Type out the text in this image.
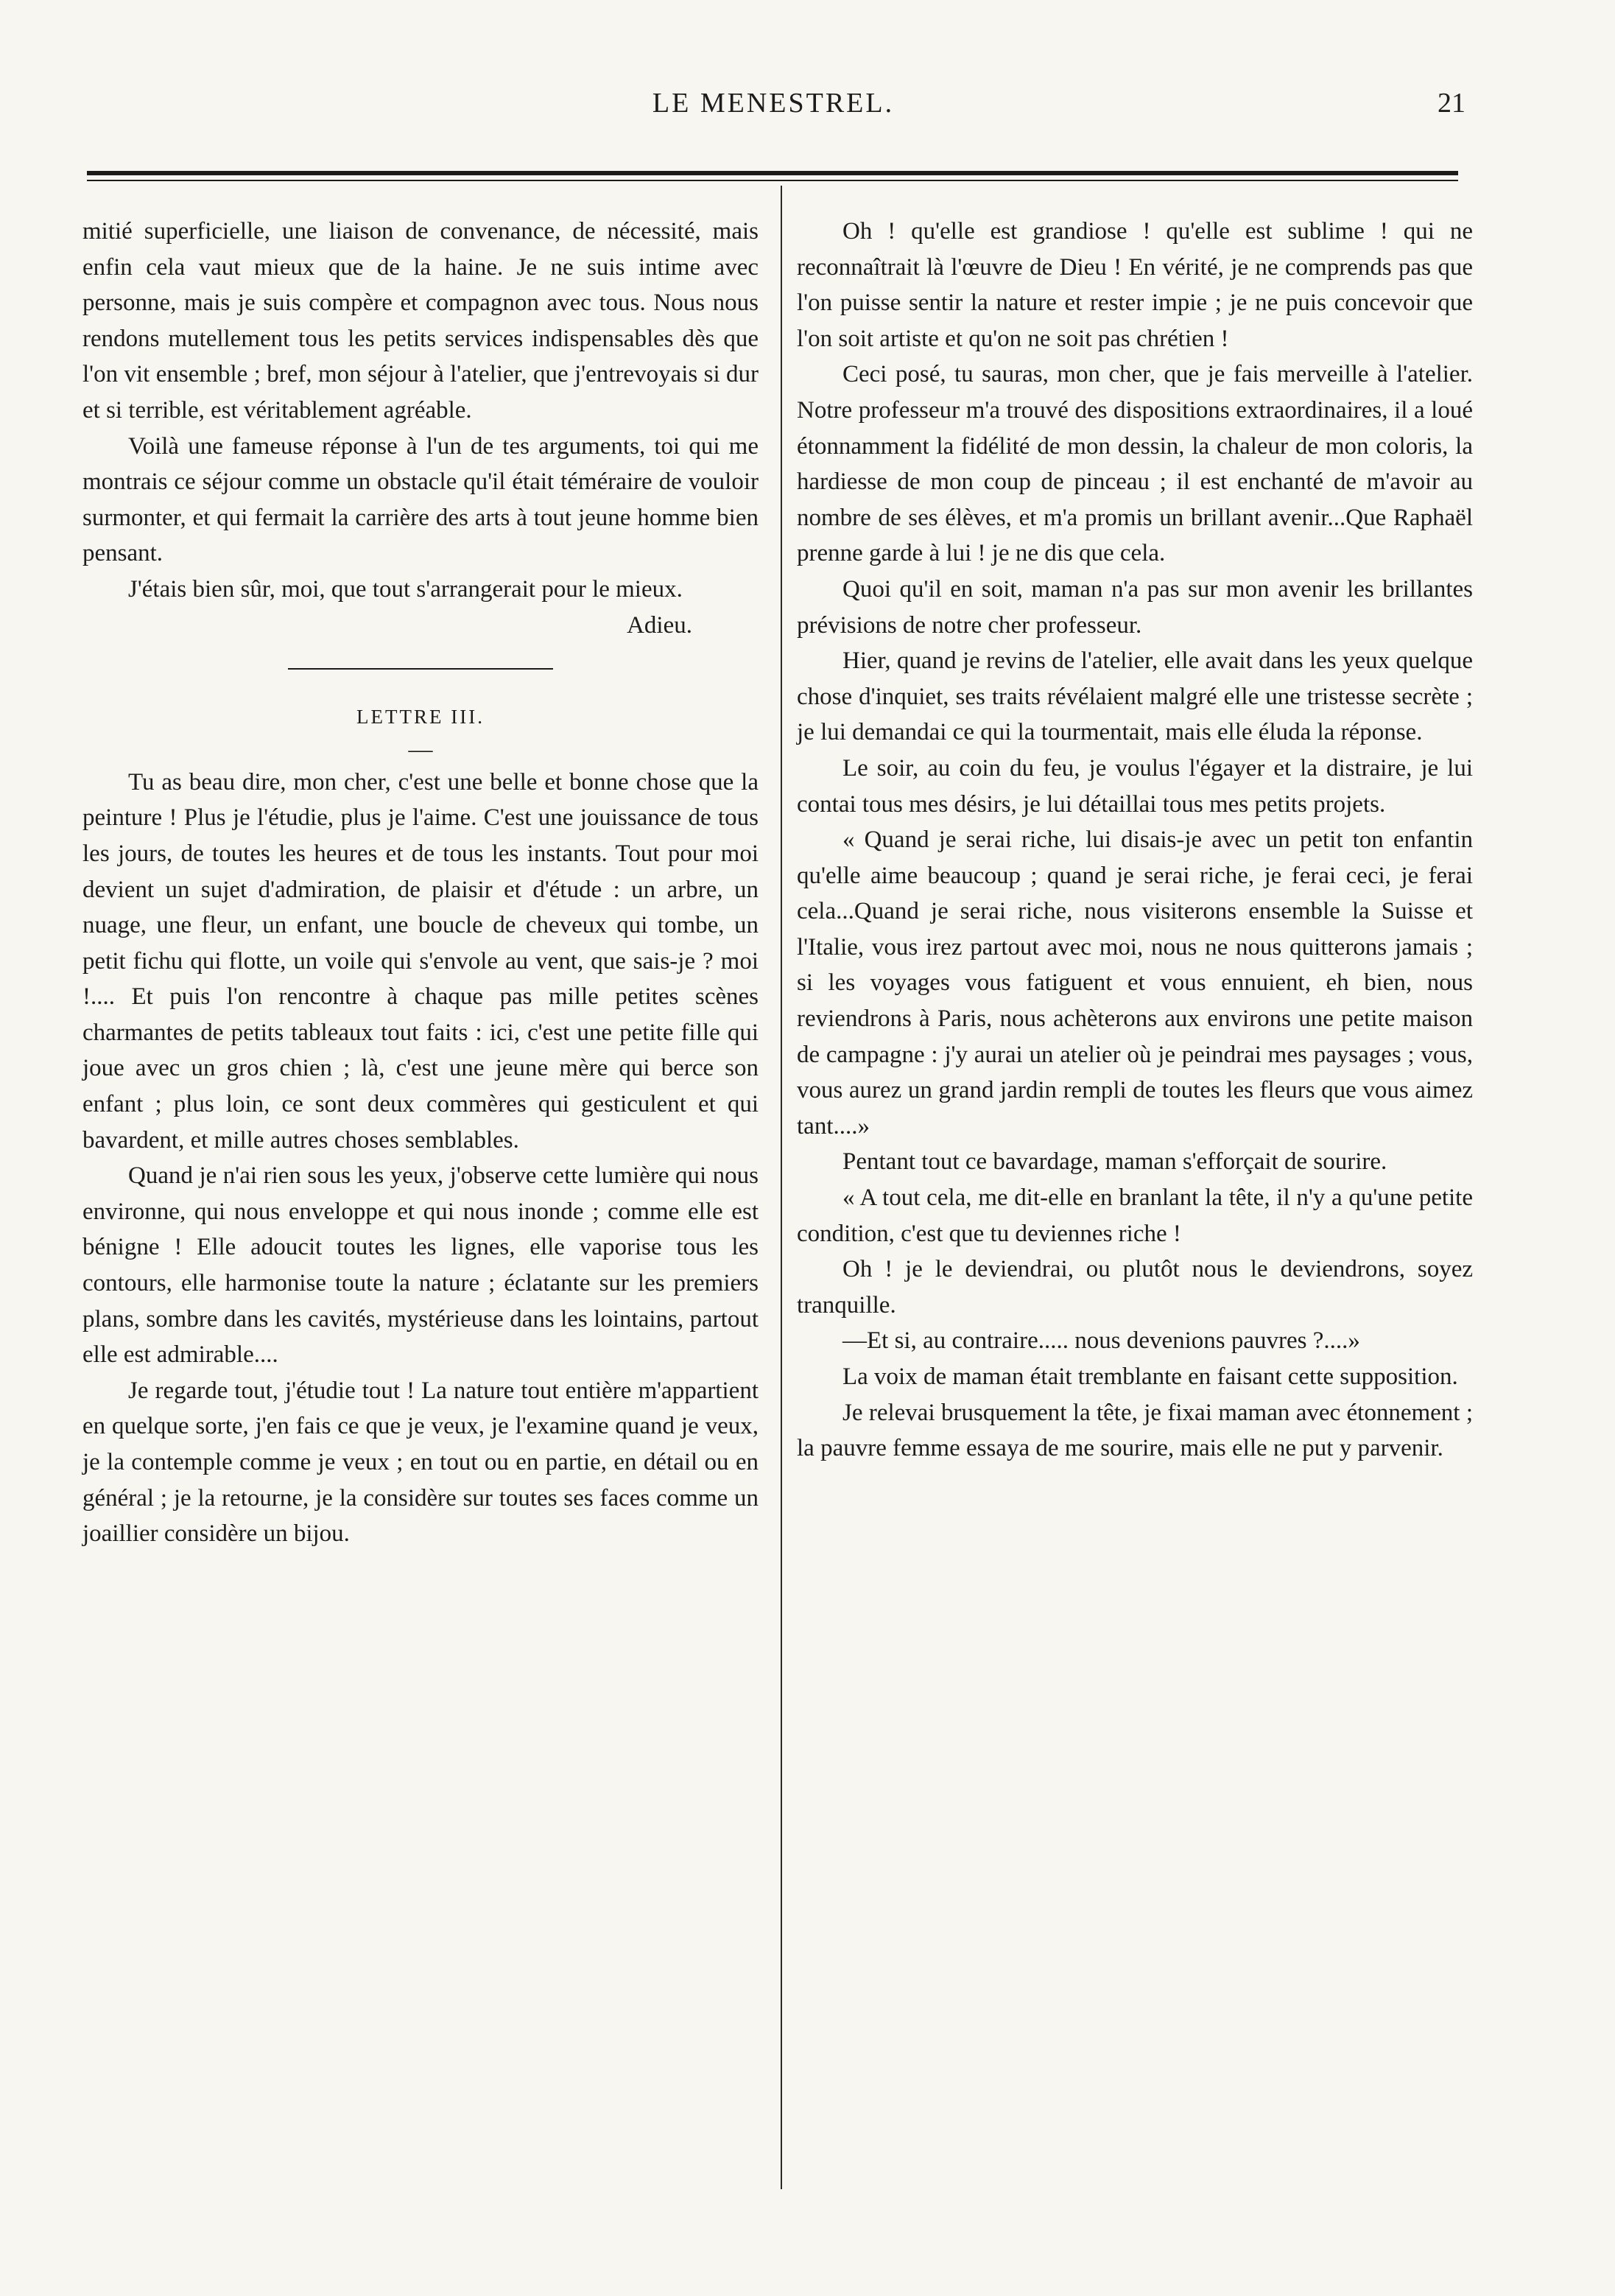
LE MENESTREL.	21

mitié superficielle, une liaison de convenance, de nécessité, mais enfin cela vaut mieux que de la haine. Je ne suis intime avec personne, mais je suis compère et compagnon avec tous. Nous nous rendons mutellement tous les petits services indispensables dès que l'on vit ensemble ; bref, mon séjour à l'atelier, que j'entrevoyais si dur et si terrible, est véritablement agréable.

Voilà une fameuse réponse à l'un de tes arguments, toi qui me montrais ce séjour comme un obstacle qu'il était téméraire de vouloir surmonter, et qui fermait la carrière des arts à tout jeune homme bien pensant.

J'étais bien sûr, moi, que tout s'arrangerait pour le mieux.

Adieu.

LETTRE III.

—

Tu as beau dire, mon cher, c'est une belle et bonne chose que la peinture ! Plus je l'étudie, plus je l'aime. C'est une jouissance de tous les jours, de toutes les heures et de tous les instants. Tout pour moi devient un sujet d'admiration, de plaisir et d'étude : un arbre, un nuage, une fleur, un enfant, une boucle de cheveux qui tombe, un petit fichu qui flotte, un voile qui s'envole au vent, que sais-je ? moi !.... Et puis l'on rencontre à chaque pas mille petites scènes charmantes de petits tableaux tout faits : ici, c'est une petite fille qui joue avec un gros chien ; là, c'est une jeune mère qui berce son enfant ; plus loin, ce sont deux commères qui gesticulent et qui bavardent, et mille autres choses semblables.

Quand je n'ai rien sous les yeux, j'observe cette lumière qui nous environne, qui nous enveloppe et qui nous inonde ; comme elle est bénigne ! Elle adoucit toutes les lignes, elle vaporise tous les contours, elle harmonise toute la nature ; éclatante sur les premiers plans, sombre dans les cavités, mystérieuse dans les lointains, partout elle est admirable....

Je regarde tout, j'étudie tout ! La nature tout entière m'appartient en quelque sorte, j'en fais ce que je veux, je l'examine quand je veux, je la contemple comme je veux ; en tout ou en partie, en détail ou en général ; je la retourne, je la considère sur toutes ses faces comme un joaillier considère un bijou.

Oh ! qu'elle est grandiose ! qu'elle est sublime ! qui ne reconnaîtrait là l'œuvre de Dieu ! En vérité, je ne comprends pas que l'on puisse sentir la nature et rester impie ; je ne puis concevoir que l'on soit artiste et qu'on ne soit pas chrétien !

Ceci posé, tu sauras, mon cher, que je fais merveille à l'atelier. Notre professeur m'a trouvé des dispositions extraordinaires, il a loué étonnamment la fidélité de mon dessin, la chaleur de mon coloris, la hardiesse de mon coup de pinceau ; il est enchanté de m'avoir au nombre de ses élèves, et m'a promis un brillant avenir...Que Raphaël prenne garde à lui ! je ne dis que cela.

Quoi qu'il en soit, maman n'a pas sur mon avenir les brillantes prévisions de notre cher professeur.

Hier, quand je revins de l'atelier, elle avait dans les yeux quelque chose d'inquiet, ses traits révélaient malgré elle une tristesse secrète ; je lui demandai ce qui la tourmentait, mais elle éluda la réponse.

Le soir, au coin du feu, je voulus l'égayer et la distraire, je lui contai tous mes désirs, je lui détaillai tous mes petits projets.

« Quand je serai riche, lui disais-je avec un petit ton enfantin qu'elle aime beaucoup ; quand je serai riche, je ferai ceci, je ferai cela...Quand je serai riche, nous visiterons ensemble la Suisse et l'Italie, vous irez partout avec moi, nous ne nous quitterons jamais ; si les voyages vous fatiguent et vous ennuient, eh bien, nous reviendrons à Paris, nous achèterons aux environs une petite maison de campagne : j'y aurai un atelier où je peindrai mes paysages ; vous, vous aurez un grand jardin rempli de toutes les fleurs que vous aimez tant....»

Pentant tout ce bavardage, maman s'efforçait de sourire.

« A tout cela, me dit-elle en branlant la tête, il n'y a qu'une petite condition, c'est que tu deviennes riche !

Oh ! je le deviendrai, ou plutôt nous le deviendrons, soyez tranquille.

—Et si, au contraire..... nous devenions pauvres ?....»

La voix de maman était tremblante en faisant cette supposition.

Je relevai brusquement la tête, je fixai maman avec étonnement ; la pauvre femme essaya de me sourire, mais elle ne put y parvenir.
